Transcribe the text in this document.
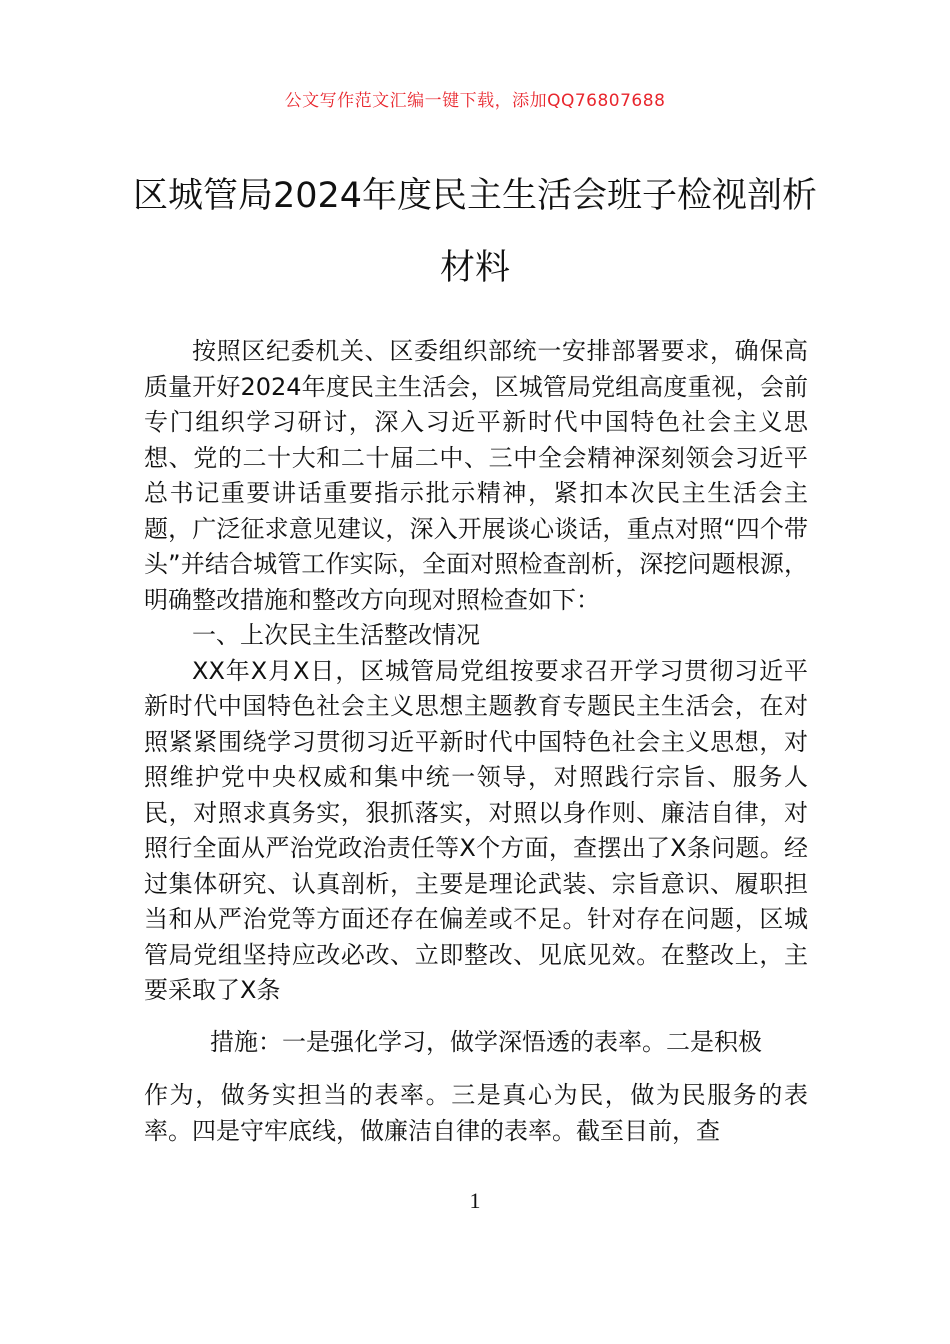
公文写作范文汇编一键下载，添加QQ76807688
区城管局2024年度民主生活会班子检视剖析材料

按照区纪委机关、区委组织部统一安排部署要求，确保高质量开好2024年度民主生活会，区城管局党组高度重视，会前专门组织学习研讨，深入习近平新时代中国特色社会主义思想、党的二十大和二十届二中、三中全会精神深刻领会习近平总书记重要讲话重要指示批示精神，紧扣本次民主生活会主题，广泛征求意见建议，深入开展谈心谈话，重点对照“四个带头”并结合城管工作实际，全面对照检查剖析，深挖问题根源，明确整改措施和整改方向现对照检查如下：

一、上次民主生活整改情况

XX年X月X日，区城管局党组按要求召开学习贯彻习近平新时代中国特色社会主义思想主题教育专题民主生活会，在对照紧紧围绕学习贯彻习近平新时代中国特色社会主义思想，对照维护党中央权威和集中统一领导，对照践行宗旨、服务人民，对照求真务实，狠抓落实，对照以身作则、廉洁自律，对照行全面从严治党政治责任等X个方面，查摆出了X条问题。经过集体研究、认真剖析，主要是理论武装、宗旨意识、履职担当和从严治党等方面还存在偏差或不足。针对存在问题，区城管局党组坚持应改必改、立即整改、见底见效。在整改上，主要采取了X条

措施：一是强化学习，做学深悟透的表率。二是积极

作为，做务实担当的表率。三是真心为民，做为民服务的表率。四是守牢底线，做廉洁自律的表率。截至目前，查

1
